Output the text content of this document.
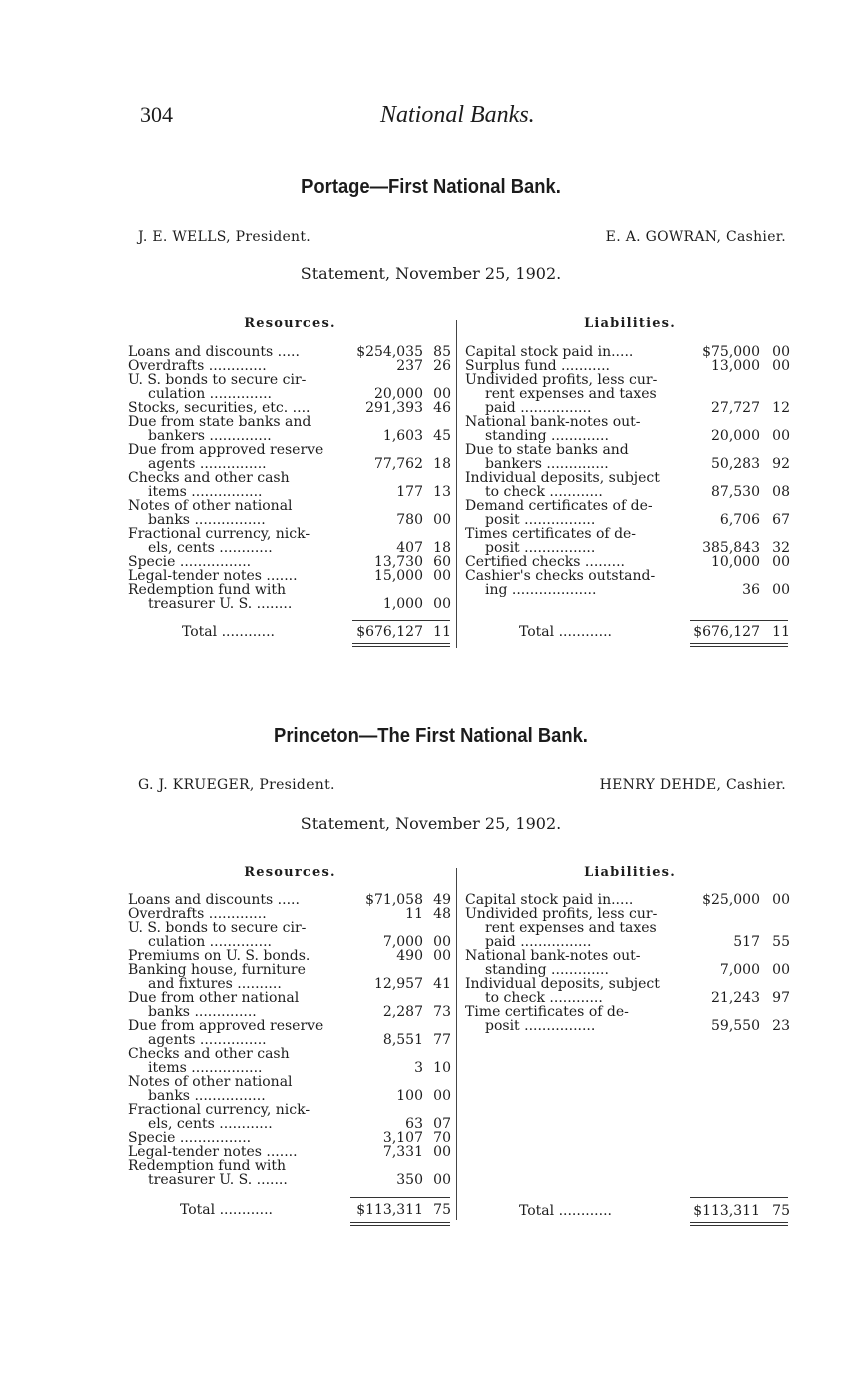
304	National Banks.
Portage—First National Bank.
J. E. WELLS, President.	E. A. GOWRAN, Cashier.
Statement, November 25, 1902.
Resources.	Liabilities.
Loans and discounts .....	$254,035 85
Overdrafts .............	237 26
U. S. bonds to secure cir-
culation ..............	20,000 00
Stocks, securities, etc. ....	291,393 46
Due from state banks and
bankers ..............	1,603 45
Due from approved reserve
agents ...............	77,762 18
Checks and other cash
items ................	177 13
Notes of other national
banks ................	780 00
Fractional currency, nick-
els, cents ............	407 18
Specie ................	13,730 60
Legal-tender notes .......	15,000 00
Redemption fund with
treasurer U. S. ........	1,000 00
Capital stock paid in.....	$75,000 00
Surplus fund ...........	13,000 00
Undivided profits, less cur-
rent expenses and taxes
paid ................	27,727 12
National bank-notes out-
standing .............	20,000 00
Due to state banks and
bankers ..............	50,283 92
Individual deposits, subject
to check ............	87,530 08
Demand certificates of de-
posit ................	6,706 67
Times certificates of de-
posit ................	385,843 32
Certified checks .........	10,000 00
Cashier's checks outstand-
ing ...................	36 00
Total ............	$676,127 11	Total ............	$676,127 11
Princeton—The First National Bank.
G. J. KRUEGER, President.	HENRY DEHDE, Cashier.
Statement, November 25, 1902.
Resources.	Liabilities.
Loans and discounts .....	$71,058 49
Overdrafts .............	11 48
U. S. bonds to secure cir-
culation ..............	7,000 00
Premiums on U. S. bonds.	490 00
Banking house, furniture
and fixtures ..........	12,957 41
Due from other national
banks ..............	2,287 73
Due from approved reserve
agents ...............	8,551 77
Checks and other cash
items ................	3 10
Notes of other national
banks ................	100 00
Fractional currency, nick-
els, cents ............	63 07
Specie ................	3,107 70
Legal-tender notes .......	7,331 00
Redemption fund with
treasurer U. S. .......	350 00
Capital stock paid in.....	$25,000 00
Undivided profits, less cur-
rent expenses and taxes
paid ................	517 55
National bank-notes out-
standing .............	7,000 00
Individual deposits, subject
to check ............	21,243 97
Time certificates of de-
posit ................	59,550 23
Total ............	$113,311 75	Total ............	$113,311 75
